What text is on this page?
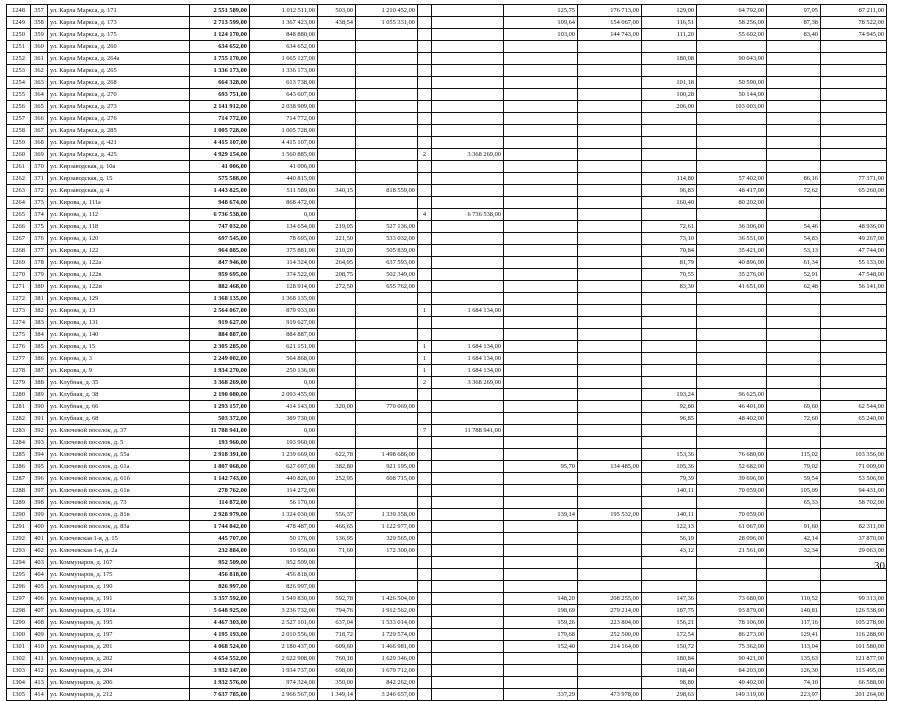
1248	357	ул. Карла Маркса, д. 171	2 551 589,00	1 012 511,00	503,00	1 210 452,00			125,75	176 713,00	129,00	64 792,00	97,05	87 211,00
1249	358	ул. Карла Маркса, д. 173	2 713 599,00	1 367 423,00	438,54	1 055 331,00			109,64	154 067,00	116,51	58 256,00	87,38	78 522,00
1250	359	ул. Карла Маркса, д. 175	1 124 170,00	848 880,00					103,00	144 743,00	111,20	55 602,00	83,40	74 945,00
1251	360	ул. Карла Маркса, д. 260	634 652,00	634 652,00										
1252	361	ул. Карла Маркса, д. 264а	1 755 170,00	1 665 127,00							180,08	90 043,00		
1253	362	ул. Карла Маркса, д. 265	1 336 173,00	1 336 173,00										
1254	363	ул. Карла Маркса, д. 268	664 328,00	613 738,00							101,18	50 590,00		
1255	364	ул. Карла Маркса, д. 270	693 751,00	643 607,00							100,28	50 144,00		
1256	365	ул. Карла Маркса, д. 273	2 141 912,00	2 038 909,00							206,00	103 003,00		
1257	366	ул. Карла Маркса, д. 276	714 772,00	714 772,00										
1258	367	ул. Карла Маркса, д. 285	1 005 728,00	1 005 728,00										
1259	368	ул. Карла Маркса, д. 421	4 415 107,00	4 415 107,00										
1260	369	ул. Карла Маркса, д. 425	4 929 154,00	1 560 885,00			2	3 368 269,00						
1261	370	ул. Кирзаводская, д. 10а	41 006,00	41 006,00										
1262	371	ул. Кирзаводская, д. 15	575 588,00	440 815,00							114,80	57 402,00	86,16	77 371,00
1263	372	ул. Кирзаводская, д. 4	1 443 825,00	511 589,00	340,15	818 559,00					96,83	48 417,00	72,62	65 260,00
1264	373	ул. Кирова, д. 111а	948 674,00	868 472,00							160,40	80 202,00		
1265	374	ул. Кирова, д. 112	6 736 538,00	0,00			4	6 736 538,00						
1266	375	ул. Кирова, д. 118	747 032,00	134 654,00	219,05	527 136,00					72,61	36 306,00	54,46	48 936,00
1267	376	ул. Кирова, д. 120	697 545,00	78 695,00	221,50	533 032,00					73,10	36 551,00	54,83	49 267,00
1268	377	ул. Кирова, д. 122	964 885,00	375 881,00	210,20	505 839,00					70,84	35 421,00	53,13	47 744,00
1269	378	ул. Кирова, д. 122а	847 946,00	114 324,00	264,95	637 593,00					81,79	40 896,00	61,34	55 133,00
1270	379	ул. Кирова, д. 122в	959 695,00	374 522,00	208,75	502 349,00					70,55	35 276,00	52,91	47 548,00
1271	380	ул. Кирова, д. 122и	882 468,00	128 914,00	272,50	655 762,00					83,30	41 651,00	62,48	56 141,00
1272	381	ул. Кирова, д. 129	1 368 135,00	1 368 135,00										
1273	382	ул. Кирова, д. 13	2 564 067,00	879 933,00			1	1 684 134,00						
1274	383	ул. Кирова, д. 131	919 627,00	919 627,00										
1275	384	ул. Кирова, д. 140	884 887,00	884 887,00										
1276	385	ул. Кирова, д. 15	2 305 285,00	621 151,00			1	1 684 134,00						
1277	386	ул. Кирова, д. 3	2 249 002,00	564 868,00			1	1 684 134,00						
1278	387	ул. Кирова, д. 9	1 934 270,00	250 136,00			1	1 684 134,00						
1279	388	ул. Клубная, д. 35	3 368 269,00	0,00			2	3 368 269,00						
1280	389	ул. Клубная, д. 38	2 190 080,00	2 093 455,00							193,24	96 625,00		
1281	390	ул. Клубная, д. 66	1 293 157,00	414 143,00	320,00	770 069,00					92,80	46 401,00	69,60	62 544,00
1282	391	ул. Клубная, д. 68	503 372,00	389 730,00							96,85	48 402,00	72,60	65 240,00
1283	392	ул. Ключевой поселок, д. 37	11 788 941,00	0,00			7	11 788 941,00						
1284	393	ул. Ключевой поселок, д. 5	193 960,00	193 960,00										
1285	394	ул. Ключевой поселок, д. 55а	2 918 391,00	1 239 669,00	622,78	1 498 686,00					153,36	76 680,00	115,02	103 356,00
1286	395	ул. Ключевой поселок, д. 61а	1 807 068,00	627 697,00	382,80	921 195,00			95,70	134 485,00	105,36	52 682,00	79,02	71 009,00
1287	396	ул. Ключевой поселок, д. 61б	1 142 743,00	440 826,00	252,95	608 715,00					79,39	39 696,00	59,54	53 506,00
1288	397	ул. Ключевой поселок, д. 61в	278 762,00	114 272,00							140,11	70 059,00	105,09	94 431,00
1289	398	ул. Ключевой поселок, д. 73	114 872,00	56 170,00									65,33	58 702,00
1290	399	ул. Ключевой поселок, д. 81в	2 928 979,00	1 324 030,00	556,37	1 339 358,00			139,14	195 532,00	140,11	70 059,00		
1291	400	ул. Ключевой поселок, д. 83а	1 744 842,00	478 487,00	466,65	1 122 977,00					122,13	61 067,00	91,60	82 311,00
1292	401	ул. Ключевская 1-я, д. 15	445 707,00	50 176,00	136,95	329 565,00					56,19	28 096,00	42,14	37 870,00
1293	402	ул. Ключевская 1-я, д. 2а	232 884,00	19 950,00	71,60	172 300,00					43,12	21 561,00	32,34	29 063,00
1294	403	ул. Коммунаров, д. 167	952 509,00	952 509,00										
1295	404	ул. Коммунаров, д. 175	456 818,00	456 818,00										
1296	405	ул. Коммунаров, д. 190	826 997,00	826 997,00										
1297	406	ул. Коммунаров, д. 191	3 357 592,00	1 549 830,00	592,78	1 426 504,00			148,20	208 255,00	147,36	73 680,00	110,52	99 313,00
1298	407	ул. Коммунаров, д. 191а	5 648 925,00	3 236 732,00	794,76	1 912 562,00			198,69	279 214,00	187,75	93 879,00	140,81	126 538,00
1299	408	ул. Коммунаров, д. 195	4 467 303,00	2 527 101,00	637,04	1 533 014,00			159,26	223 804,00	156,21	78 106,00	117,16	105 278,00
1300	409	ул. Коммунаров, д. 197	4 195 193,00	2 010 556,00	718,72	1 729 574,00			179,68	252 500,00	172,54	86 273,00	129,41	116 288,00
1301	410	ул. Коммунаров, д. 201	4 068 524,00	2 180 437,00	609,60	1 466 981,00			152,40	214 164,00	150,72	75 362,00	113,04	101 580,00
1302	411	ул. Коммунаров, д. 202	4 654 552,00	2 622 908,00	760,18	1 629 346,00					180,84	90 421,00	135,63	121 877,00
1303	412	ул. Коммунаров, д. 204	3 932 147,00	1 934 737,00	698,00	1 679 712,00					168,40	84 203,00	126,30	113 495,00
1304	413	ул. Коммунаров, д. 206	1 932 576,00	974 324,00	350,00	842 262,00					98,80	49 402,00	74,10	66 588,00
1305	414	ул. Коммунаров, д. 212	7 637 785,00	2 966 567,00	1 349,14	3 246 657,00			337,29	473 978,00	298,63	149 319,00	223,97	201 264,00
30
